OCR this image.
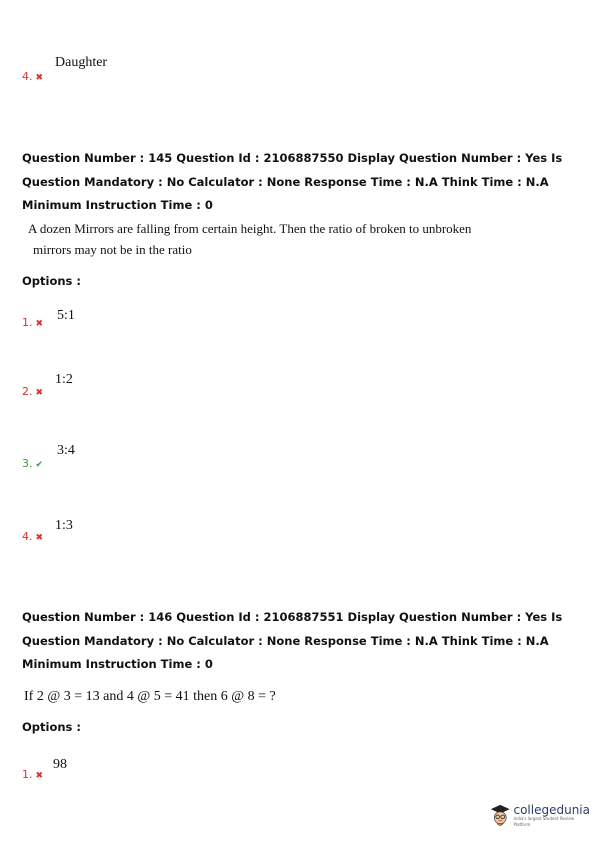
Daughter
4. ✖
Question Number : 145 Question Id : 2106887550 Display Question Number : Yes Is Question Mandatory : No Calculator : None Response Time : N.A Think Time : N.A Minimum Instruction Time : 0
A dozen Mirrors are falling from certain height. Then the ratio of broken to unbroken
mirrors may not be in the ratio
Options :
5:1
1. ✖
1:2
2. ✖
3:4
3. ✔
1:3
4. ✖
Question Number : 146 Question Id : 2106887551 Display Question Number : Yes Is Question Mandatory : No Calculator : None Response Time : N.A Think Time : N.A Minimum Instruction Time : 0
If 2 @ 3 = 13 and 4 @ 5 = 41 then 6 @ 8 = ?
Options :
98
1. ✖
collegedunia
India's largest Student Review Platform
